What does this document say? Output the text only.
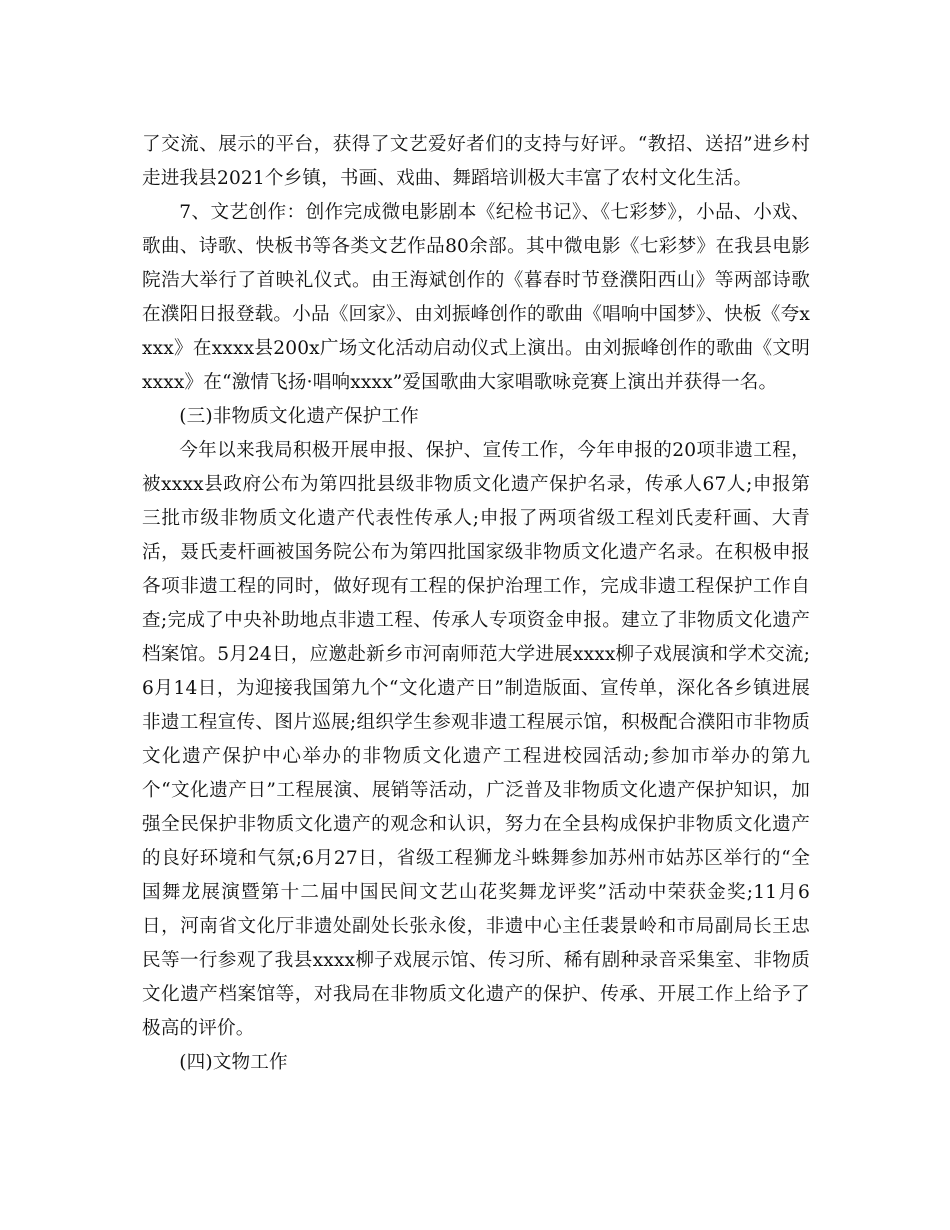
了交流、展示的平台，获得了文艺爱好者们的支持与好评。“教招、送招”进乡村走进我县2021个乡镇，书画、戏曲、舞蹈培训极大丰富了农村文化生活。

7、文艺创作：创作完成微电影剧本《纪检书记》、《七彩梦》，小品、小戏、歌曲、诗歌、快板书等各类文艺作品80余部。其中微电影《七彩梦》在我县电影院浩大举行了首映礼仪式。由王海斌创作的《暮春时节登濮阳西山》等两部诗歌在濮阳日报登载。小品《回家》、由刘振峰创作的歌曲《唱响中国梦》、快板《夸xxxx》在xxxx县200x广场文化活动启动仪式上演出。由刘振峰创作的歌曲《文明xxxx》在“激情飞扬·唱响xxxx”爱国歌曲大家唱歌咏竞赛上演出并获得一名。

(三)非物质文化遗产保护工作

今年以来我局积极开展申报、保护、宣传工作，今年申报的20项非遗工程，被xxxx县政府公布为第四批县级非物质文化遗产保护名录，传承人67人;申报第三批市级非物质文化遗产代表性传承人;申报了两项省级工程刘氏麦秆画、大青活，聂氏麦杆画被国务院公布为第四批国家级非物质文化遗产名录。在积极申报各项非遗工程的同时，做好现有工程的保护治理工作，完成非遗工程保护工作自查;完成了中央补助地点非遗工程、传承人专项资金申报。建立了非物质文化遗产档案馆。5月24日，应邀赴新乡市河南师范大学进展xxxx柳子戏展演和学术交流;6月14日，为迎接我国第九个“文化遗产日”制造版面、宣传单，深化各乡镇进展非遗工程宣传、图片巡展;组织学生参观非遗工程展示馆，积极配合濮阳市非物质文化遗产保护中心举办的非物质文化遗产工程进校园活动;参加市举办的第九个“文化遗产日”工程展演、展销等活动，广泛普及非物质文化遗产保护知识，加强全民保护非物质文化遗产的观念和认识，努力在全县构成保护非物质文化遗产的良好环境和气氛;6月27日，省级工程狮龙斗蛛舞参加苏州市姑苏区举行的“全国舞龙展演暨第十二届中国民间文艺山花奖舞龙评奖”活动中荣获金奖;11月6日，河南省文化厅非遗处副处长张永俊，非遗中心主任裴景岭和市局副局长王忠民等一行参观了我县xxxx柳子戏展示馆、传习所、稀有剧种录音采集室、非物质文化遗产档案馆等，对我局在非物质文化遗产的保护、传承、开展工作上给予了极高的评价。

(四)文物工作
